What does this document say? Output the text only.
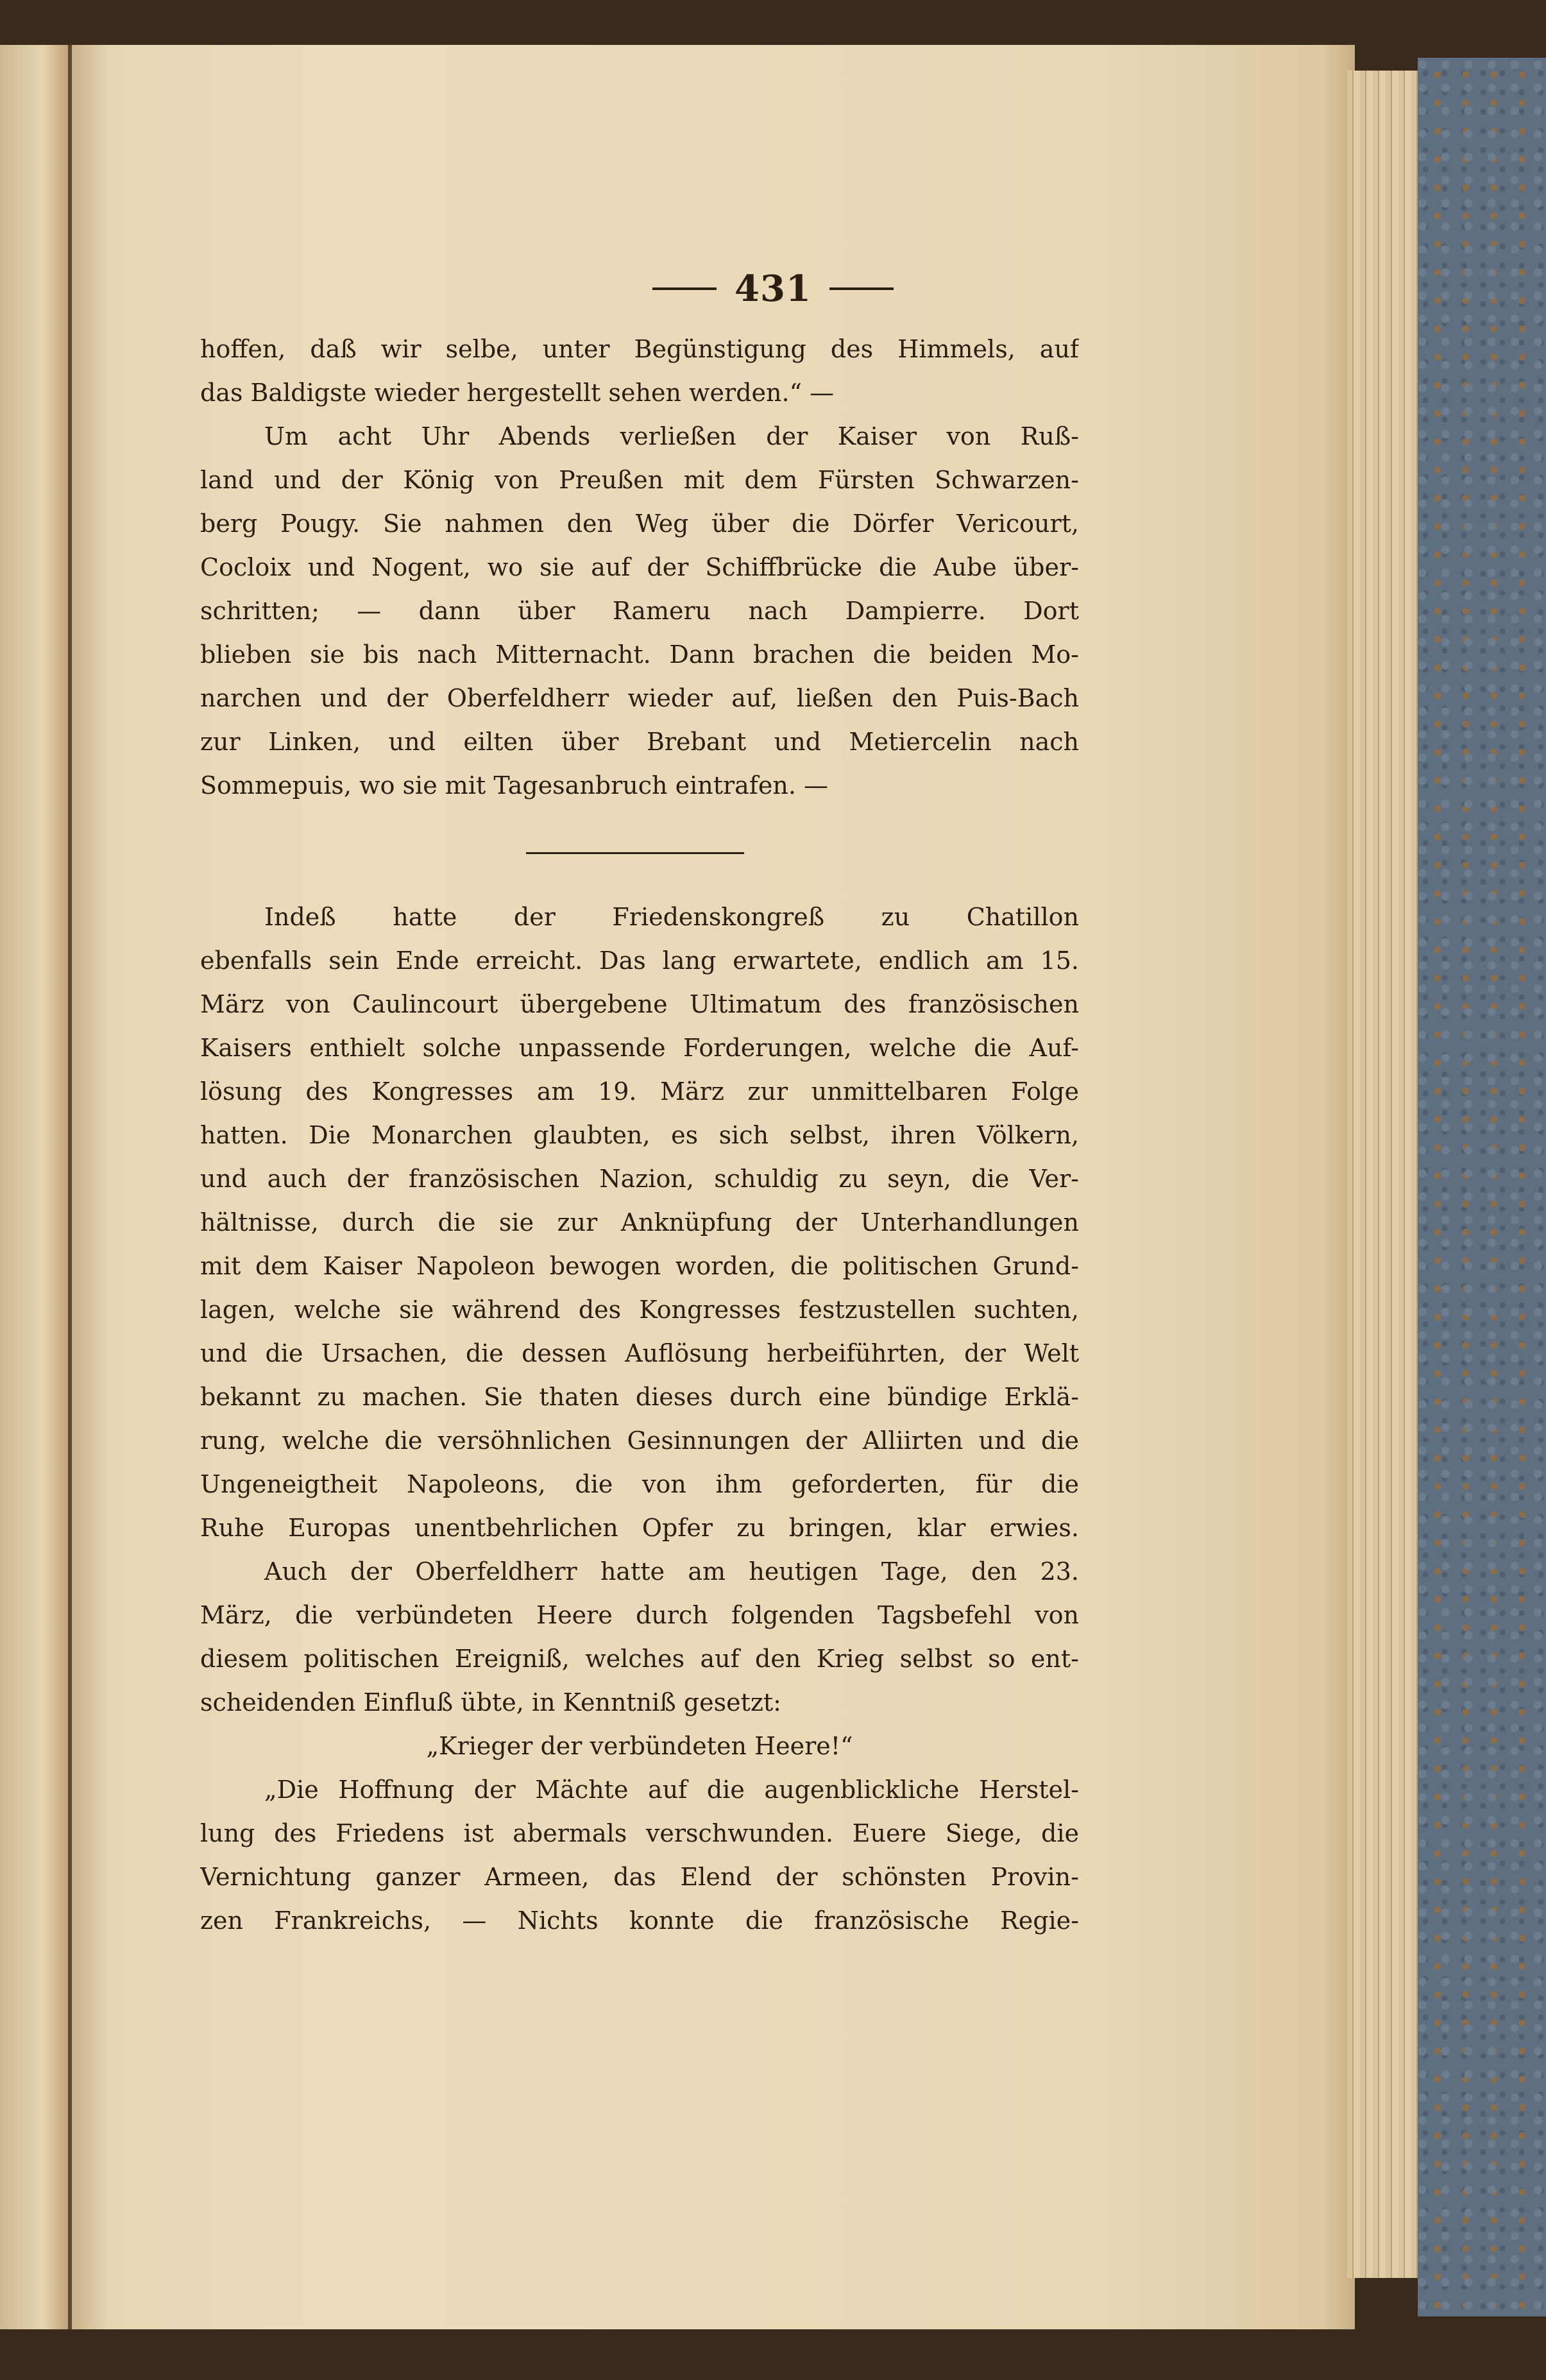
431
hoffen, daß wir selbe, unter Begünstigung des Himmels, auf
das Baldigste wieder hergestellt sehen werden.“ —
Um acht Uhr Abends verließen der Kaiser von Ruß-
land und der König von Preußen mit dem Fürsten Schwarzen-
berg Pougy. Sie nahmen den Weg über die Dörfer Vericourt,
Cocloix und Nogent, wo sie auf der Schiffbrücke die Aube über-
schritten; — dann über Rameru nach Dampierre. Dort
blieben sie bis nach Mitternacht. Dann brachen die beiden Mo-
narchen und der Oberfeldherr wieder auf, ließen den Puis-Bach
zur Linken, und eilten über Brebant und Metiercelin nach
Sommepuis, wo sie mit Tagesanbruch eintrafen. —
Indeß hatte der Friedenskongreß zu Chatillon
ebenfalls sein Ende erreicht. Das lang erwartete, endlich am 15.
März von Caulincourt übergebene Ultimatum des französischen
Kaisers enthielt solche unpassende Forderungen, welche die Auf-
lösung des Kongresses am 19. März zur unmittelbaren Folge
hatten. Die Monarchen glaubten, es sich selbst, ihren Völkern,
und auch der französischen Nazion, schuldig zu seyn, die Ver-
hältnisse, durch die sie zur Anknüpfung der Unterhandlungen
mit dem Kaiser Napoleon bewogen worden, die politischen Grund-
lagen, welche sie während des Kongresses festzustellen suchten,
und die Ursachen, die dessen Auflösung herbeiführten, der Welt
bekannt zu machen. Sie thaten dieses durch eine bündige Erklä-
rung, welche die versöhnlichen Gesinnungen der Alliirten und die
Ungeneigtheit Napoleons, die von ihm geforderten, für die
Ruhe Europas unentbehrlichen Opfer zu bringen, klar erwies.
Auch der Oberfeldherr hatte am heutigen Tage, den 23.
März, die verbündeten Heere durch folgenden Tagsbefehl von
diesem politischen Ereigniß, welches auf den Krieg selbst so ent-
scheidenden Einfluß übte, in Kenntniß gesetzt:
„Krieger der verbündeten Heere!“
„Die Hoffnung der Mächte auf die augenblickliche Herstel-
lung des Friedens ist abermals verschwunden. Euere Siege, die
Vernichtung ganzer Armeen, das Elend der schönsten Provin-
zen Frankreichs, — Nichts konnte die französische Regie-
